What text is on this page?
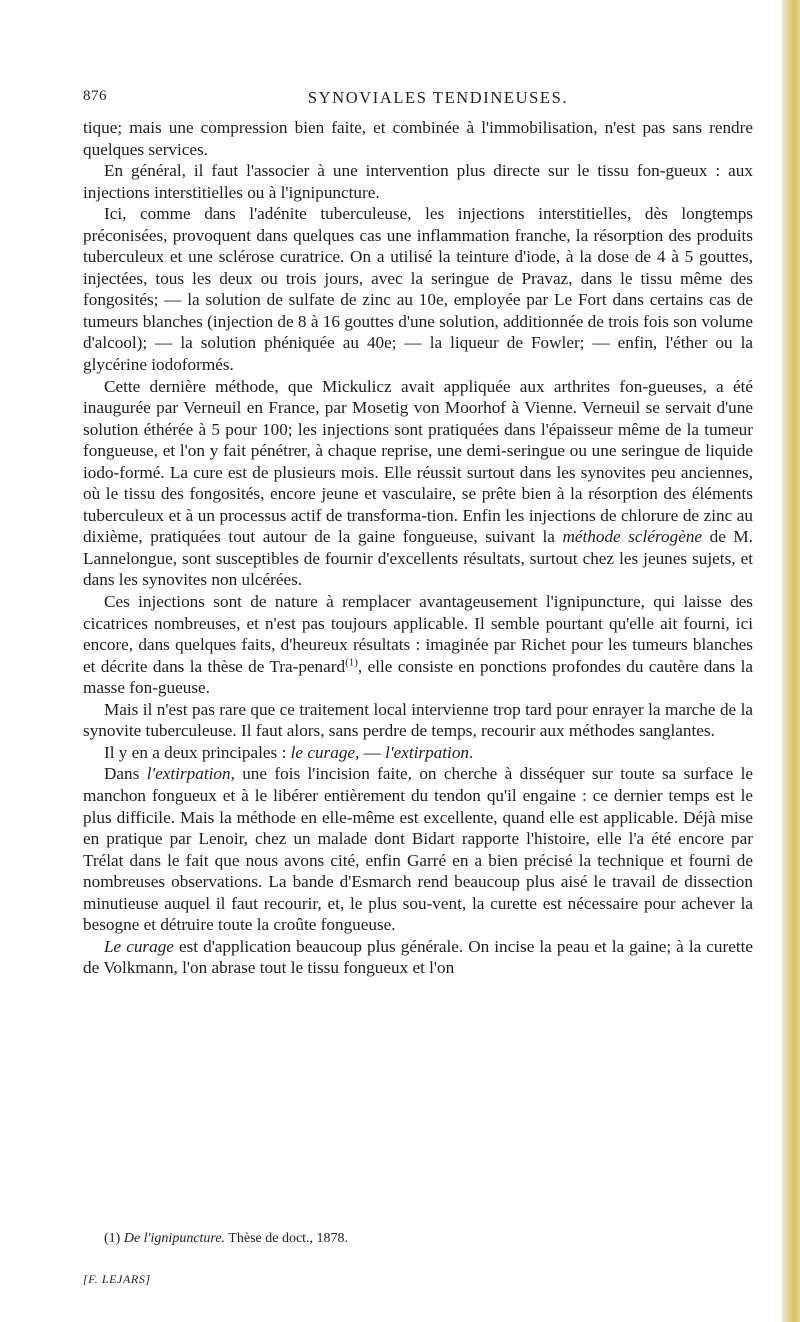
876	SYNOVIALES TENDINEUSES.

tique; mais une compression bien faite, et combinée à l'immobilisation, n'est pas sans rendre quelques services.

En général, il faut l'associer à une intervention plus directe sur le tissu fon-gueux : aux injections interstitielles ou à l'ignipuncture.

Ici, comme dans l'adénite tuberculeuse, les injections interstitielles, dès longtemps préconisées, provoquent dans quelques cas une inflammation franche, la résorption des produits tuberculeux et une sclérose curatrice. On a utilisé la teinture d'iode, à la dose de 4 à 5 gouttes, injectées, tous les deux ou trois jours, avec la seringue de Pravaz, dans le tissu même des fongosités; — la solution de sulfate de zinc au 10e, employée par Le Fort dans certains cas de tumeurs blanches (injection de 8 à 16 gouttes d'une solution, additionnée de trois fois son volume d'alcool); — la solution phéniquée au 40e; — la liqueur de Fowler; — enfin, l'éther ou la glycérine iodoformés.

Cette dernière méthode, que Mickulicz avait appliquée aux arthrites fon-gueuses, a été inaugurée par Verneuil en France, par Mosetig von Moorhof à Vienne. Verneuil se servait d'une solution éthérée à 5 pour 100; les injections sont pratiquées dans l'épaisseur même de la tumeur fongueuse, et l'on y fait pénétrer, à chaque reprise, une demi-seringue ou une seringue de liquide iodo-formé. La cure est de plusieurs mois. Elle réussit surtout dans les synovites peu anciennes, où le tissu des fongosités, encore jeune et vasculaire, se prête bien à la résorption des éléments tuberculeux et à un processus actif de transforma-tion. Enfin les injections de chlorure de zinc au dixième, pratiquées tout autour de la gaine fongueuse, suivant la méthode sclérogène de M. Lannelongue, sont susceptibles de fournir d'excellents résultats, surtout chez les jeunes sujets, et dans les synovites non ulcérées.

Ces injections sont de nature à remplacer avantageusement l'ignipuncture, qui laisse des cicatrices nombreuses, et n'est pas toujours applicable. Il semble pourtant qu'elle ait fourni, ici encore, dans quelques faits, d'heureux résultats : imaginée par Richet pour les tumeurs blanches et décrite dans la thèse de Tra-penard$^{(1)}$, elle consiste en ponctions profondes du cautère dans la masse fon-gueuse.

Mais il n'est pas rare que ce traitement local intervienne trop tard pour enrayer la marche de la synovite tuberculeuse. Il faut alors, sans perdre de temps, recourir aux méthodes sanglantes.

Il y en a deux principales : le curage, — l'extirpation.

Dans l'extirpation, une fois l'incision faite, on cherche à disséquer sur toute sa surface le manchon fongueux et à le libérer entièrement du tendon qu'il engaine : ce dernier temps est le plus difficile. Mais la méthode en elle-même est excellente, quand elle est applicable. Déjà mise en pratique par Lenoir, chez un malade dont Bidart rapporte l'histoire, elle l'a été encore par Trélat dans le fait que nous avons cité, enfin Garré en a bien précisé la technique et fourni de nombreuses observations. La bande d'Esmarch rend beaucoup plus aisé le travail de dissection minutieuse auquel il faut recourir, et, le plus sou-vent, la curette est nécessaire pour achever la besogne et détruire toute la croûte fongueuse.

Le curage est d'application beaucoup plus générale. On incise la peau et la gaine; à la curette de Volkmann, l'on abrase tout le tissu fongueux et l'on

(1) De l'ignipuncture. Thèse de doct., 1878.
[F. LEJARS]
